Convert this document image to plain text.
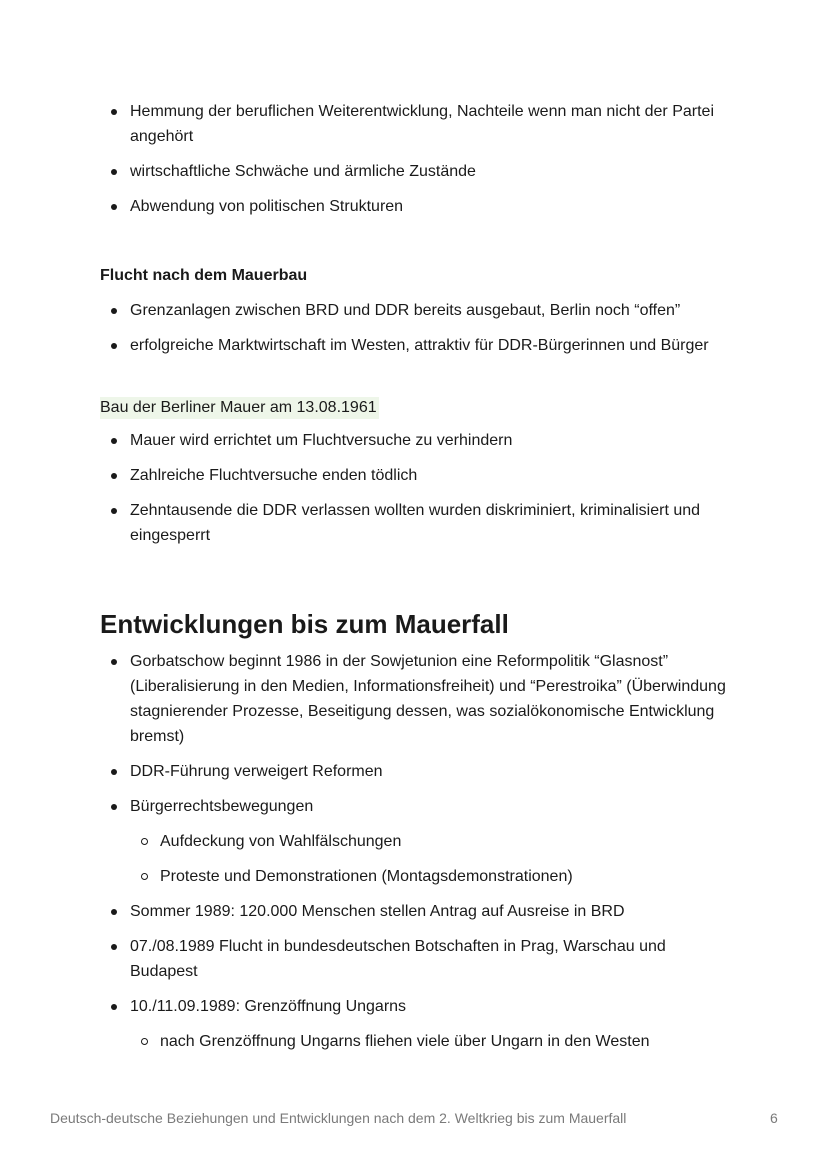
Hemmung der beruflichen Weiterentwicklung, Nachteile wenn man nicht der Partei angehört
wirtschaftliche Schwäche und ärmliche Zustände
Abwendung von politischen Strukturen
Flucht nach dem Mauerbau
Grenzanlagen zwischen BRD und DDR bereits ausgebaut, Berlin noch “offen”
erfolgreiche Marktwirtschaft im Westen, attraktiv für DDR-Bürgerinnen und Bürger
Bau der Berliner Mauer am 13.08.1961
Mauer wird errichtet um Fluchtversuche zu verhindern
Zahlreiche Fluchtversuche enden tödlich
Zehntausende die DDR verlassen wollten wurden diskriminiert, kriminalisiert und eingesperrt
Entwicklungen bis zum Mauerfall
Gorbatschow beginnt 1986 in der Sowjetunion eine Reformpolitik “Glasnost” (Liberalisierung in den Medien, Informationsfreiheit) und “Perestroika” (Überwindung stagnierender Prozesse, Beseitigung dessen, was sozialökonomische Entwicklung bremst)
DDR-Führung verweigert Reformen
Bürgerrechtsbewegungen
Aufdeckung von Wahlfälschungen
Proteste und Demonstrationen (Montagsdemonstrationen)
Sommer 1989: 120.000 Menschen stellen Antrag auf Ausreise in BRD
07./08.1989 Flucht in bundesdeutschen Botschaften in Prag, Warschau und Budapest
10./11.09.1989: Grenzöffnung Ungarns
nach Grenzöffnung Ungarns fliehen viele über Ungarn in den Westen
Deutsch-deutsche Beziehungen und Entwicklungen nach dem 2. Weltkrieg bis zum Mauerfall	6
